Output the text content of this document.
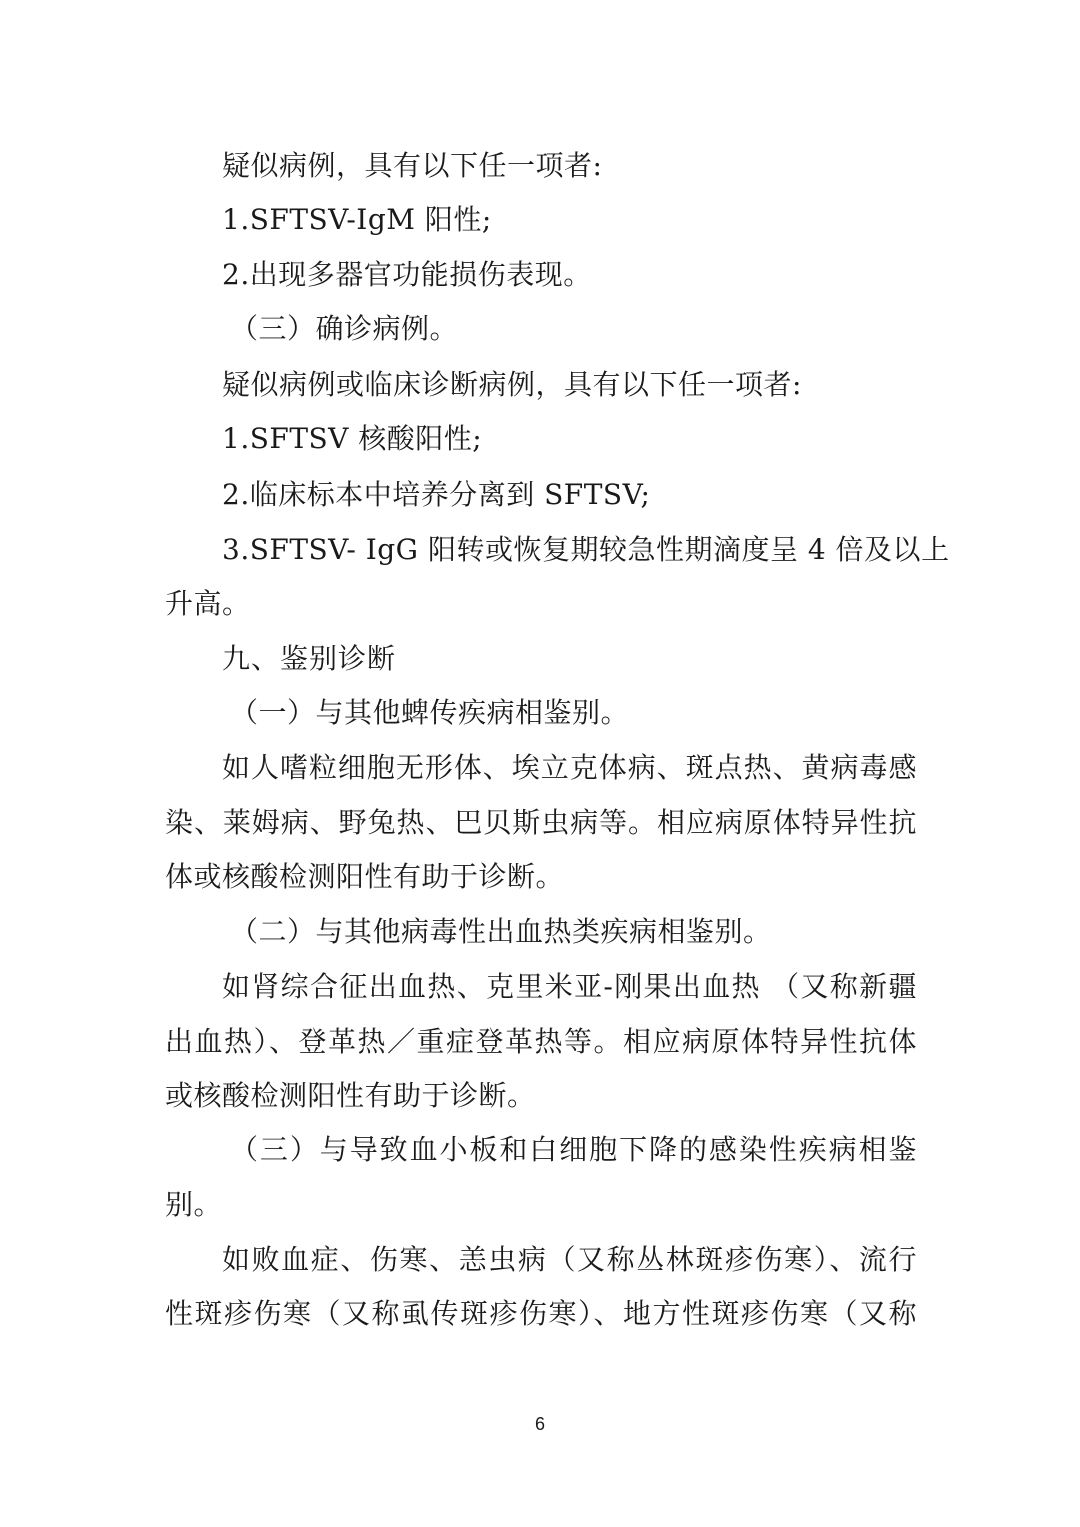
疑似病例，具有以下任一项者:
1.SFTSV-IgM 阳性;
2.出现多器官功能损伤表现。
（三）确诊病例。
疑似病例或临床诊断病例，具有以下任一项者:
1.SFTSV 核酸阳性;
2.临床标本中培养分离到 SFTSV;
3.SFTSV- IgG 阳转或恢复期较急性期滴度呈 4 倍及以上
升高。
九、鉴别诊断
（一）与其他蜱传疾病相鉴别。
如人嗜粒细胞无形体、埃立克体病、斑点热、黄病毒感
染、莱姆病、野兔热、巴贝斯虫病等。相应病原体特异性抗
体或核酸检测阳性有助于诊断。
（二）与其他病毒性出血热类疾病相鉴别。
如肾综合征出血热、克里米亚-刚果出血热 （又称新疆
出血热）、登革热／重症登革热等。相应病原体特异性抗体
或核酸检测阳性有助于诊断。
（三）与导致血小板和白细胞下降的感染性疾病相鉴
别。
如败血症、伤寒、恙虫病（又称丛林斑疹伤寒）、流行
性斑疹伤寒（又称虱传斑疹伤寒）、地方性斑疹伤寒（又称
6
